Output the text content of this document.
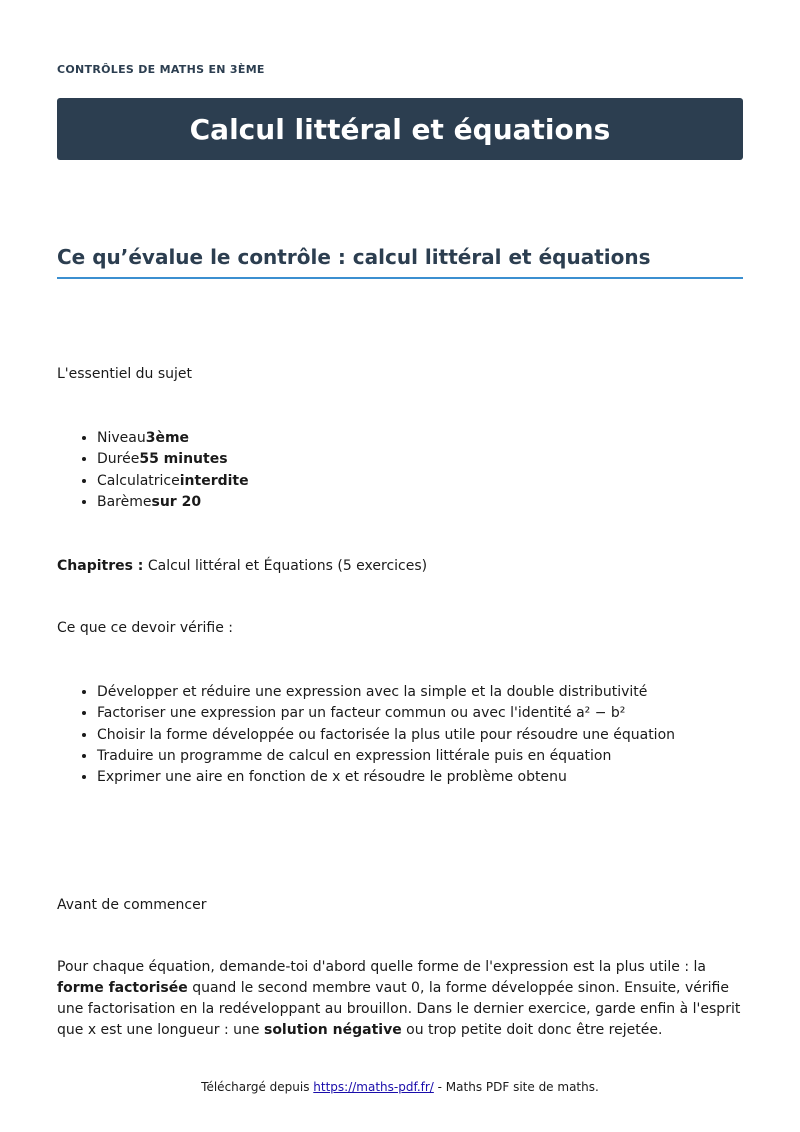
CONTRÔLES DE MATHS EN 3ÈME
Calcul littéral et équations
Ce qu’évalue le contrôle : calcul littéral et équations

L'essentiel du sujet

• Niveau3ème
• Durée55 minutes
• Calculatriceinterdite
• Barèmesur 20

Chapitres : Calcul littéral et Équations (5 exercices)

Ce que ce devoir vérifie :

• Développer et réduire une expression avec la simple et la double distributivité
• Factoriser une expression par un facteur commun ou avec l'identité a² − b²
• Choisir la forme développée ou factorisée la plus utile pour résoudre une équation
• Traduire un programme de calcul en expression littérale puis en équation
• Exprimer une aire en fonction de x et résoudre le problème obtenu

Avant de commencer

Pour chaque équation, demande-toi d'abord quelle forme de l'expression est la plus utile : la forme factorisée quand le second membre vaut 0, la forme développée sinon. Ensuite, vérifie une factorisation en la redéveloppant au brouillon. Dans le dernier exercice, garde enfin à l'esprit que x est une longueur : une solution négative ou trop petite doit donc être rejetée.

Téléchargé depuis https://maths-pdf.fr/ - Maths PDF site de maths.
